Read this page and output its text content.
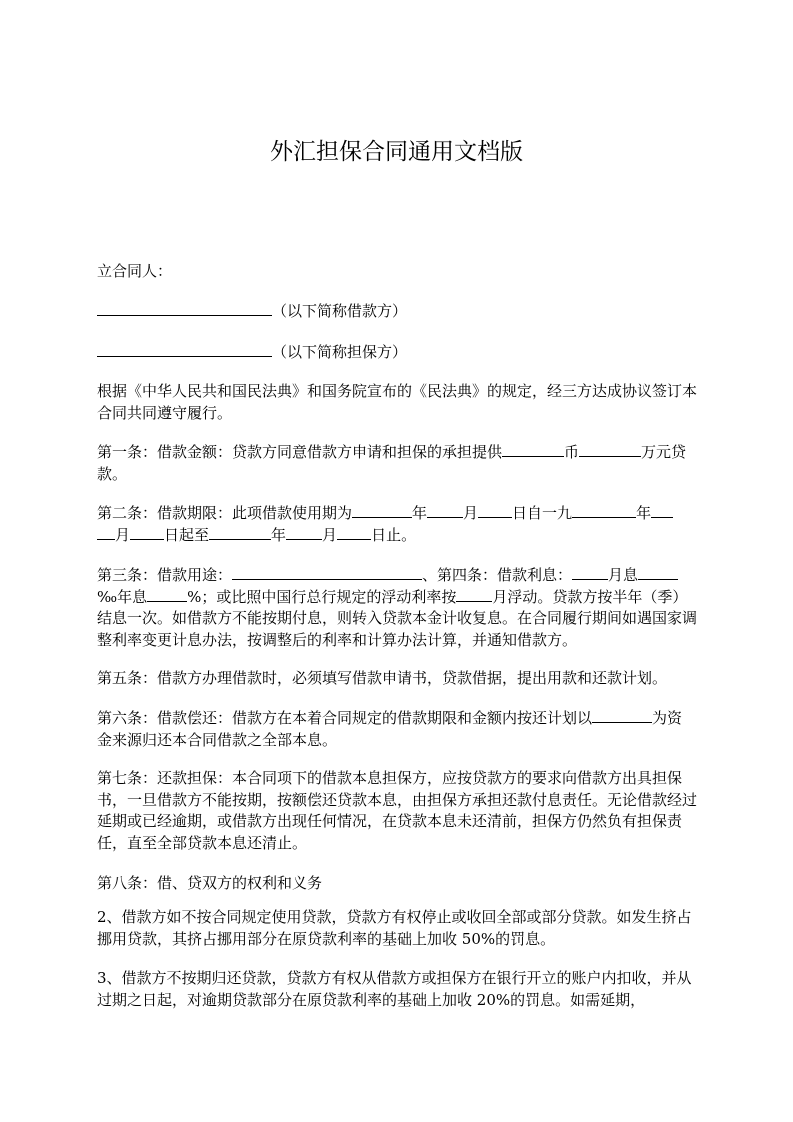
外汇担保合同通用文档版

立合同人：

（以下简称借款方）

（以下简称担保方）

根据《中华人民共和国民法典》和国务院宣布的《民法典》的规定，经三方达成协议签订本合同共同遵守履行。

第一条：借款金额：贷款方同意借款方申请和担保的承担提供	币	万元贷款。

第二条：借款期限：此项借款使用期为	年 月 日自一九	年
月 日起至	年 月 日止。

第三条：借款用途：	、第四条：借款利息： 月息‰年息	%；或比照中国行总行规定的浮动利率按 月浮动。贷款方按半年（季）结息一次。如借款方不能按期付息，则转入贷款本金计收复息。在合同履行期间如遇国家调整利率变更计息办法，按调整后的利率和计算办法计算，并通知借款方。

第五条：借款方办理借款时，必须填写借款申请书，贷款借据，提出用款和还款计划。

第六条：借款偿还：借款方在本着合同规定的借款期限和金额内按还计划以	为资金来源归还本合同借款之全部本息。

第七条：还款担保：本合同项下的借款本息担保方，应按贷款方的要求向借款方出具担保书，一旦借款方不能按期，按额偿还贷款本息，由担保方承担还款付息责任。无论借款经过延期或已经逾期，或借款方出现任何情况，在贷款本息未还清前，担保方仍然负有担保责任，直至全部贷款本息还清止。

第八条：借、贷双方的权利和义务

2、借款方如不按合同规定使用贷款，贷款方有权停止或收回全部或部分贷款。如发生挤占挪用贷款，其挤占挪用部分在原贷款利率的基础上加收 50%的罚息。

3、借款方不按期归还贷款，贷款方有权从借款方或担保方在银行开立的账户内扣收，并从过期之日起，对逾期贷款部分在原贷款利率的基础上加收 20%的罚息。如需延期，
